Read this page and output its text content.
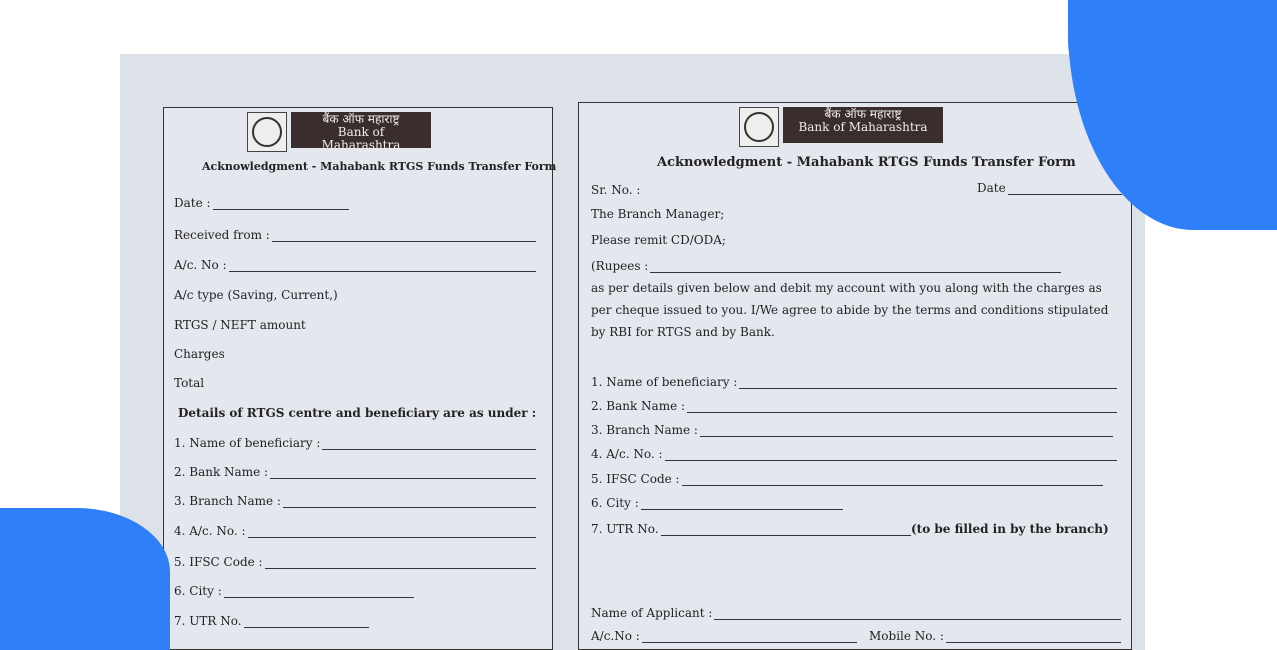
बैंक ऑफ महाराष्ट्र
Bank of Maharashtra
Acknowledgment - Mahabank RTGS Funds Transfer Form
Date :
Received from :
A/c. No :
A/c type (Saving, Current,)
RTGS / NEFT amount
Charges
Total
Details of RTGS centre and beneficiary are as under :
1. Name of beneficiary :
2. Bank Name :
3. Branch Name :
4. A/c. No. :
5. IFSC Code :
6. City :
7. UTR No.
बैंक ऑफ महाराष्ट्र
Bank of Maharashtra
Acknowledgment - Mahabank RTGS Funds Transfer Form
Sr. No. :	Date
The Branch Manager;
Please remit CD/ODA;
(Rupees :
as per details given below and debit my account with you along with the charges as per cheque issued to you. I/We agree to abide by the terms and conditions stipulated by RBI for RTGS and by Bank.
1. Name of beneficiary :
2. Bank Name :
3. Branch Name :
4. A/c. No. :
5. IFSC Code :
6. City :
7. UTR No.	(to be filled in by the branch)
Name of Applicant :
A/c.No :	Mobile No. :
